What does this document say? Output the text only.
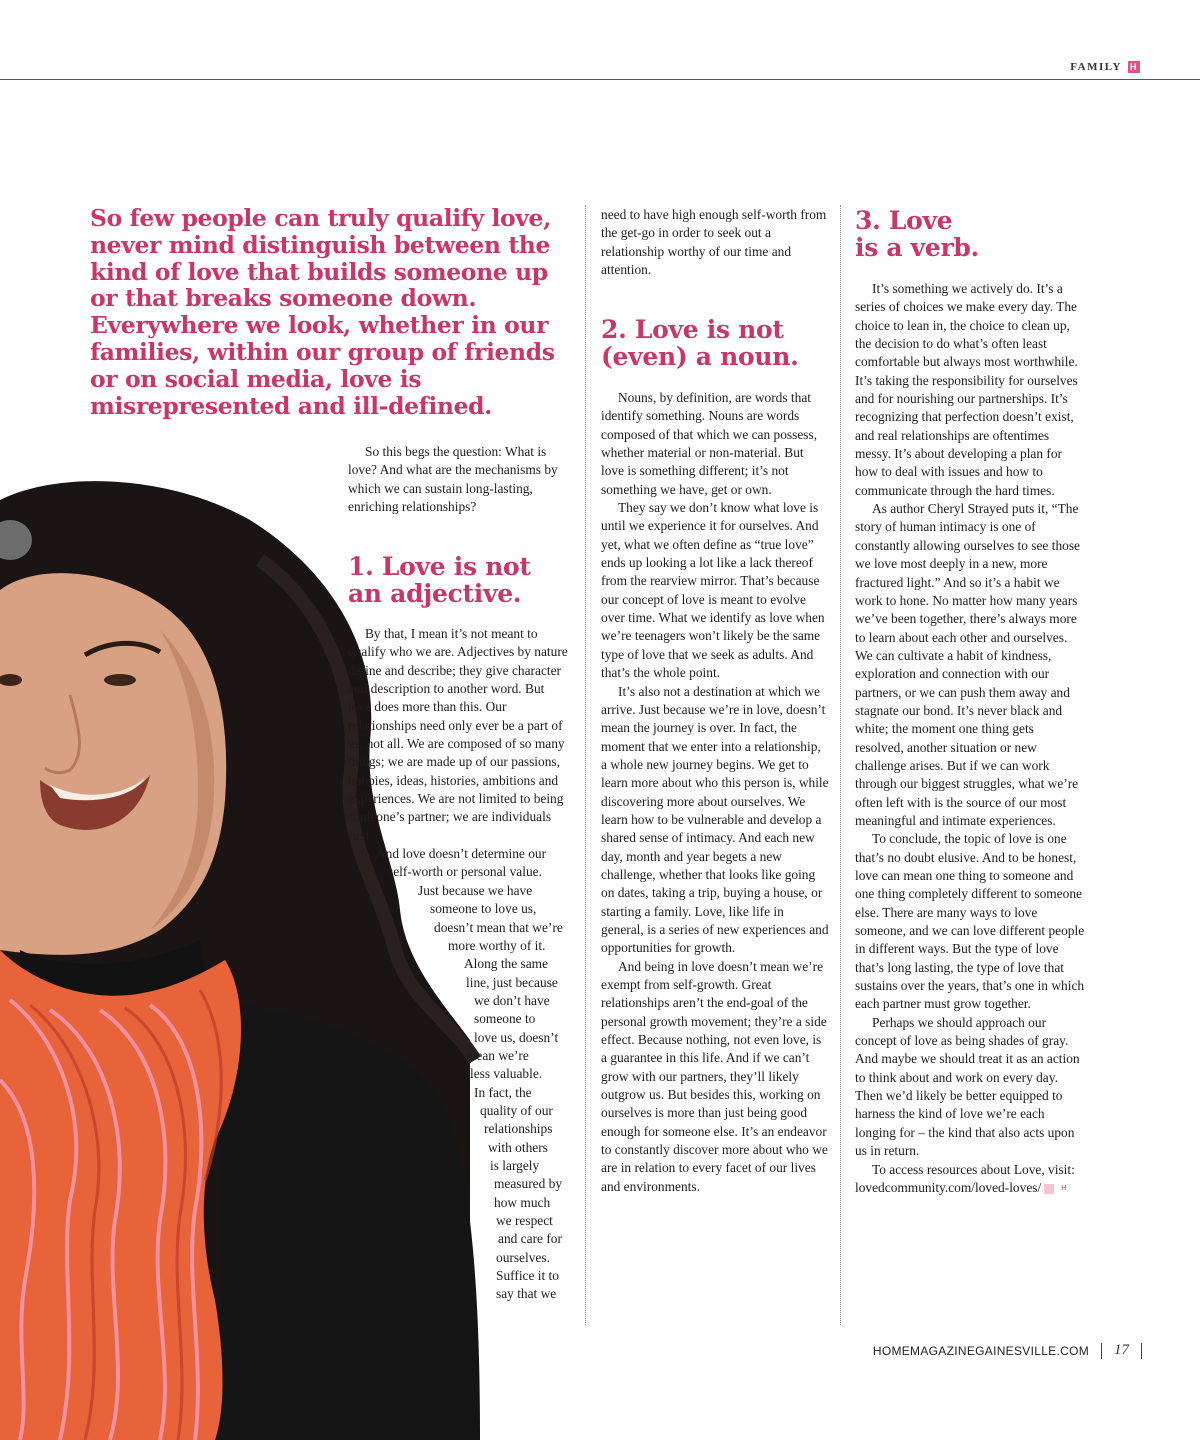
FAMILY H
So few people can truly qualify love, never mind distinguish between the kind of love that builds someone up or that breaks someone down. Everywhere we look, whether in our families, within our group of friends or on social media, love is misrepresented and ill-defined.

So this begs the question: What is love? And what are the mechanisms by which we can sustain long-lasting, enriching relationships?

1. Love is not
an adjective.

By that, I mean it’s not meant to qualify who we are. Adjectives by nature define and describe; they give character and description to another word. But love does more than this. Our relationships need only ever be a part of us, not all. We are composed of so many things; we are made up of our passions, hobbies, ideas, histories, ambitions and experiences. We are not limited to being someone’s partner; we are individuals first.

And love doesn’t determine our
self-worth or personal value.
Just because we have
someone to love us,
doesn’t mean that we’re
more worthy of it.
Along the same
line, just because
we don’t have
someone to
love us, doesn’t
mean we’re
less valuable.
In fact, the
quality of our
relationships
with others
is largely
measured by
how much
we respect
and care for
ourselves.
Suffice it to
say that we

need to have high enough self-worth from the get-go in order to seek out a relationship worthy of our time and attention.

2. Love is not
(even) a noun.

Nouns, by definition, are words that identify something. Nouns are words composed of that which we can possess, whether material or non-material. But love is something different; it’s not something we have, get or own.

They say we don’t know what love is until we experience it for ourselves. And yet, what we often define as “true love” ends up looking a lot like a lack thereof from the rearview mirror. That’s because our concept of love is meant to evolve over time. What we identify as love when we’re teenagers won’t likely be the same type of love that we seek as adults. And that’s the whole point.

It’s also not a destination at which we arrive. Just because we’re in love, doesn’t mean the journey is over. In fact, the moment that we enter into a relationship, a whole new journey begins. We get to learn more about who this person is, while discovering more about ourselves. We learn how to be vulnerable and develop a shared sense of intimacy. And each new day, month and year begets a new challenge, whether that looks like going on dates, taking a trip, buying a house, or starting a family. Love, like life in general, is a series of new experiences and opportunities for growth.

And being in love doesn’t mean we’re exempt from self-growth. Great relationships aren’t the end-goal of the personal growth movement; they’re a side effect. Because nothing, not even love, is a guarantee in this life. And if we can’t grow with our partners, they’ll likely outgrow us. But besides this, working on ourselves is more than just being good enough for someone else. It’s an endeavor to constantly discover more about who we are in relation to every facet of our lives and environments.

3. Love
is a verb.

It’s something we actively do. It’s a series of choices we make every day. The choice to lean in, the choice to clean up, the decision to do what’s often least comfortable but always most worthwhile. It’s taking the responsibility for ourselves and for nourishing our partnerships. It’s recognizing that perfection doesn’t exist, and real relationships are oftentimes messy. It’s about developing a plan for how to deal with issues and how to communicate through the hard times.

As author Cheryl Strayed puts it, “The story of human intimacy is one of constantly allowing ourselves to see those we love most deeply in a new, more fractured light.” And so it’s a habit we work to hone. No matter how many years we’ve been together, there’s always more to learn about each other and ourselves. We can cultivate a habit of kindness, exploration and connection with our partners, or we can push them away and stagnate our bond. It’s never black and white; the moment one thing gets resolved, another situation or new challenge arises. But if we can work through our biggest struggles, what we’re often left with is the source of our most meaningful and intimate experiences.

To conclude, the topic of love is one that’s no doubt elusive. And to be honest, love can mean one thing to someone and one thing completely different to someone else. There are many ways to love someone, and we can love different people in different ways. But the type of love that’s long lasting, the type of love that sustains over the years, that’s one in which each partner must grow together.

Perhaps we should approach our concept of love as being shades of gray. And maybe we should treat it as an action to think about and work on every day. Then we’d likely be better equipped to harness the kind of love we’re each longing for – the kind that also acts upon us in return.

To access resources about Love, visit: lovedcommunity.com/loved-loves/	H

HOMEMAGAZINEGAINESVILLE.COM 17
